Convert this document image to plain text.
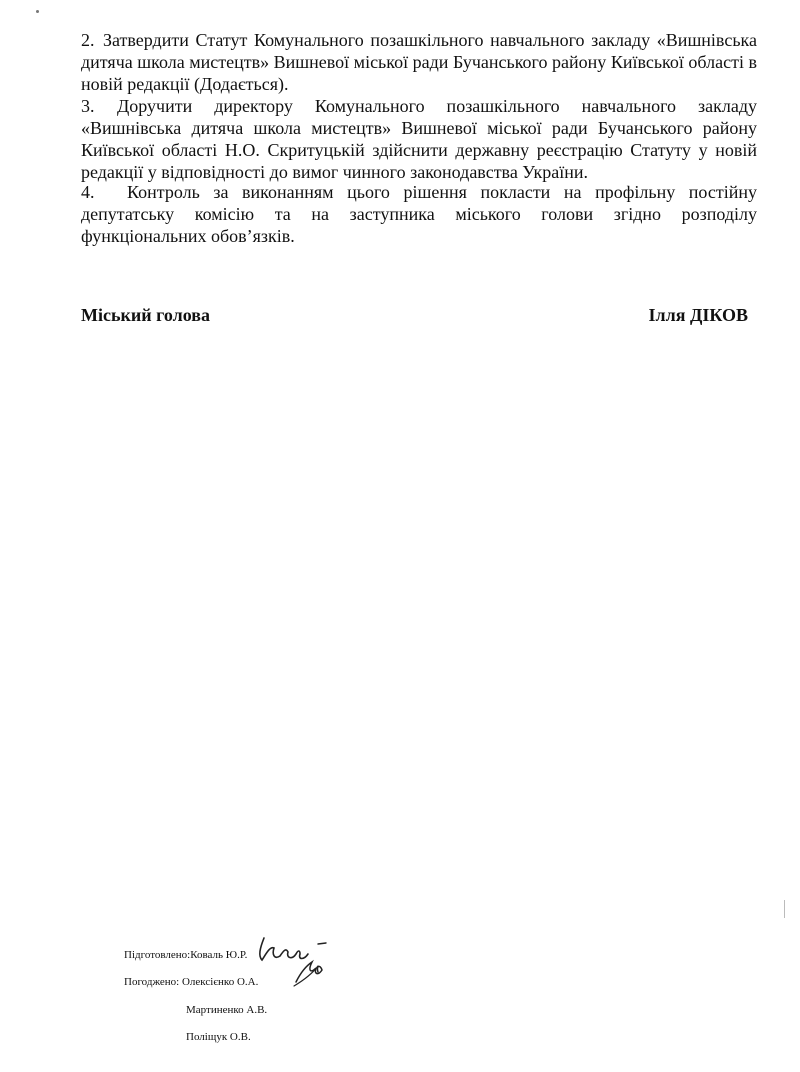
2. Затвердити Статут Комунального позашкільного навчального закладу «Вишнівська дитяча школа мистецтв» Вишневої міської ради Бучанського району Київської області в новій редакції (Додається).
3. Доручити директору Комунального позашкільного навчального закладу «Вишнівська дитяча школа мистецтв» Вишневої міської ради Бучанського району Київської області Н.О. Скритуцькій здійснити державну реєстрацію Статуту у новій редакції у відповідності до вимог чинного законодавства України.
4. Контроль за виконанням цього рішення покласти на профільну постійну депутатську комісію та на заступника міського голови згідно розподілу функціональних обов’язків.
Міський голова	Ілля ДІКОВ
Підготовлено:Коваль Ю.Р.
Погоджено: Олексієнко О.А.
Мартиненко А.В.
Поліщук О.В.
